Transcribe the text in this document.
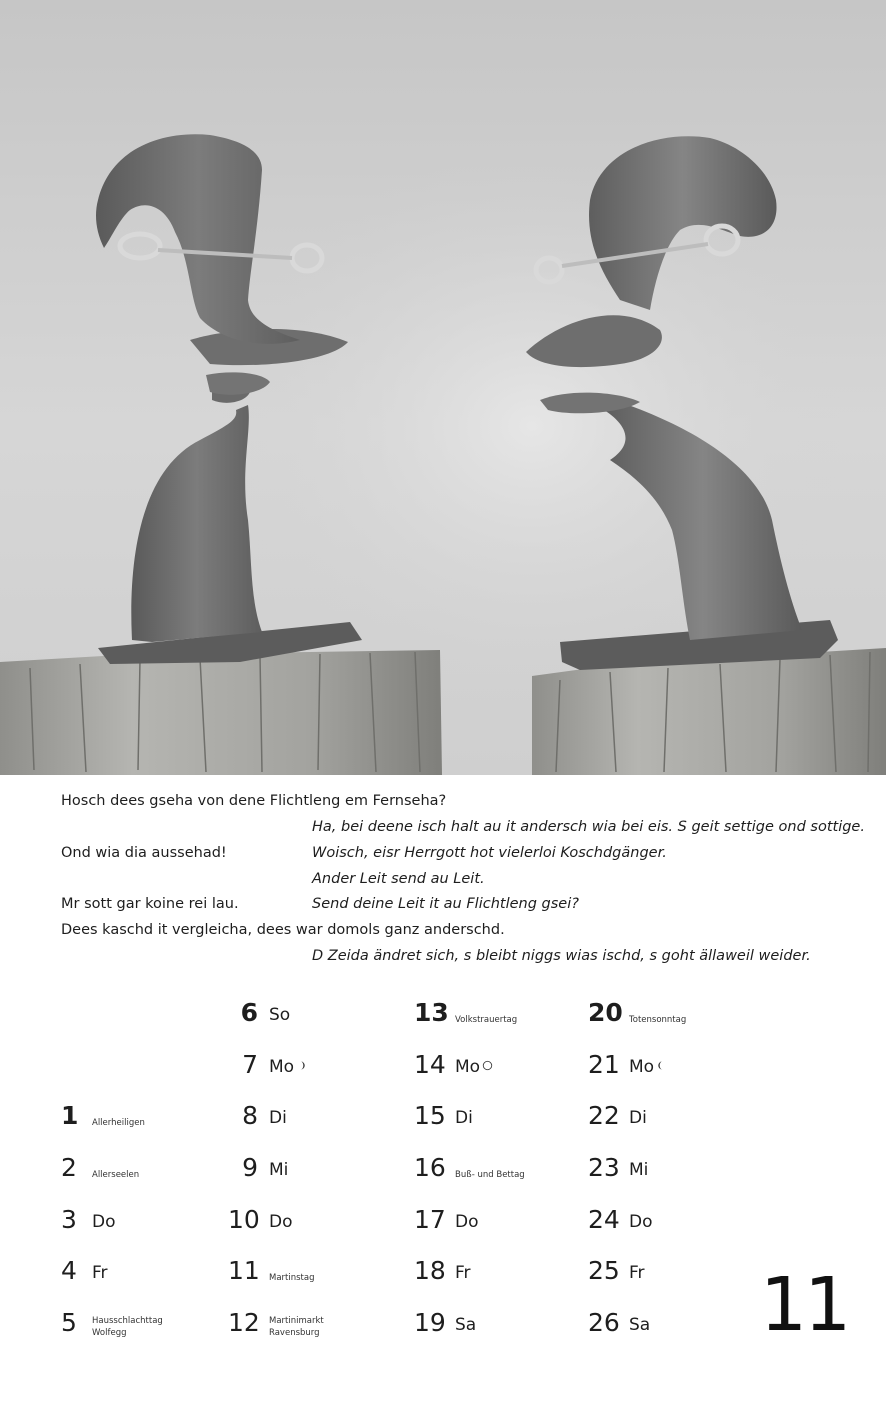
Hosch dees gseha von dene Flichtleng em Fernseha?
Ha, bei deene isch halt au it andersch wia bei eis. S geit settige ond sottige.
Ond wia dia aussehad!	Woisch, eisr Herrgott hot vielerloi Koschdgänger.
Ander Leit send au Leit.
Mr sott gar koine rei lau.	Send deine Leit it au Flichtleng gsei?
Dees kaschd it vergleicha, dees war domols ganz anderschd.
D Zeida ändret sich, s bleibt niggs wias ischd, s goht ällaweil weider.
1 Allerheiligen
2 Allerseelen
3 Do
4 Fr
5 Hausschlachttag
Wolfegg
6 So
7 Mo
8 Di
9 Mi
10 Do
11 Martinstag
12 Martinimarkt
Ravensburg
13 Volkstrauertag
14 Mo
15 Di
16 Buß- und Bettag
17 Do
18 Fr
19 Sa
20 Totensonntag
21 Mo
22 Di
23 Mi
24 Do
25 Fr
26 Sa 11
